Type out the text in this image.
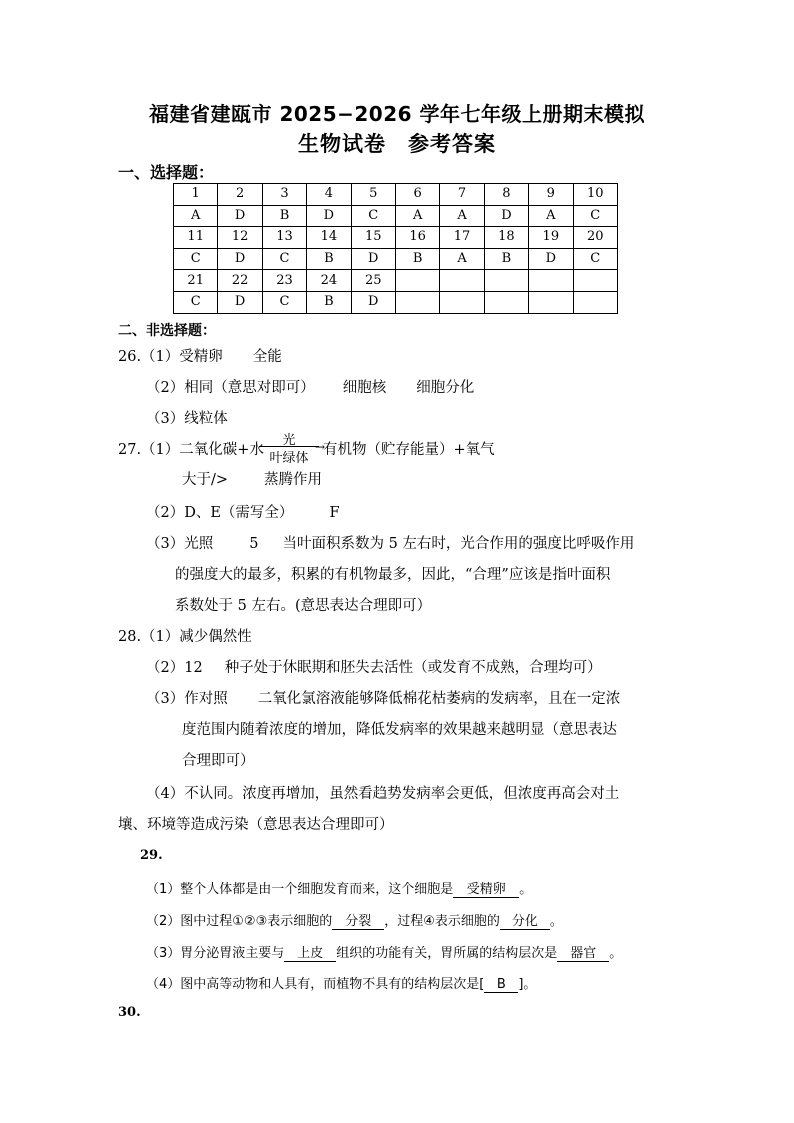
福建省建瓯市 2025−2026 学年七年级上册期末模拟
生物试卷 参考答案
一、选择题：
1	2	3	4	5	6	7	8	9	10
A	D	B	D	C	A	A	D	A	C
11	12	13	14	15	16	17	18	19	20
C	D	C	B	D	B	A	B	D	C
21	22	23	24	25					
C	D	C	B	D					
二、非选择题：
26.（1）受精卵 全能
（2）相同（意思对即可） 细胞核 细胞分化
（3）线粒体
27.（1）二氧化碳+水
光	→
叶绿体
有机物（贮存能量）+氧气
大于/> 蒸腾作用
（2）D、E（需写全） F
（3）光照 5 当叶面积系数为 5 左右时，光合作用的强度比呼吸作用
的强度大的最多，积累的有机物最多，因此，“合理”应该是指叶面积
系数处于 5 左右。(意思表达合理即可）
28.（1）减少偶然性
（2）12 种子处于休眠期和胚失去活性（或发育不成熟，合理均可）
（3）作对照 二氧化氯溶液能够降低棉花枯萎病的发病率，且在一定浓
度范围内随着浓度的增加，降低发病率的效果越来越明显（意思表达
合理即可）
（4）不认同。浓度再增加，虽然看趋势发病率会更低，但浓度再高会对土
壤、环境等造成污染（意思表达合理即可）
29.
（1）整个人体都是由一个细胞发育而来，这个细胞是 受精卵 。
（2）图中过程①②③表示细胞的 分裂 ，过程④表示细胞的 分化 。
（3）胃分泌胃液主要与 上皮 组织的功能有关，胃所属的结构层次是 器官 。
（4）图中高等动物和人具有，而植物不具有的结构层次是[ B ]。
30.
